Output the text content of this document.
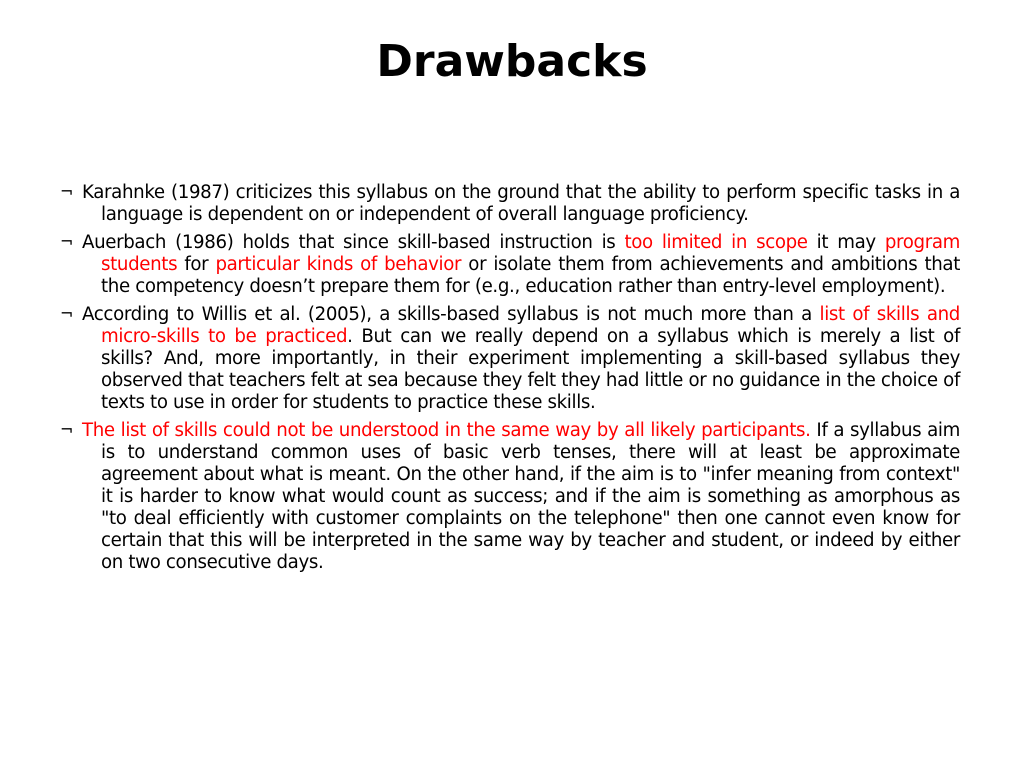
Drawbacks

¬ Karahnke (1987) criticizes this syllabus on the ground that the ability to perform specific tasks in a language is dependent on or independent of overall language proficiency.

¬ Auerbach (1986) holds that since skill-based instruction is too limited in scope it may program students for particular kinds of behavior or isolate them from achievements and ambitions that the competency doesn’t prepare them for (e.g., education rather than entry-level employment).

¬ According to Willis et al. (2005), a skills-based syllabus is not much more than a list of skills and micro-skills to be practiced. But can we really depend on a syllabus which is merely a list of skills? And, more importantly, in their experiment implementing a skill-based syllabus they observed that teachers felt at sea because they felt they had little or no guidance in the choice of texts to use in order for students to practice these skills.

¬ The list of skills could not be understood in the same way by all likely participants. If a syllabus aim is to understand common uses of basic verb tenses, there will at least be approximate agreement about what is meant. On the other hand, if the aim is to "infer meaning from context" it is harder to know what would count as success; and if the aim is something as amorphous as "to deal efficiently with customer complaints on the telephone" then one cannot even know for certain that this will be interpreted in the same way by teacher and student, or indeed by either on two consecutive days.
